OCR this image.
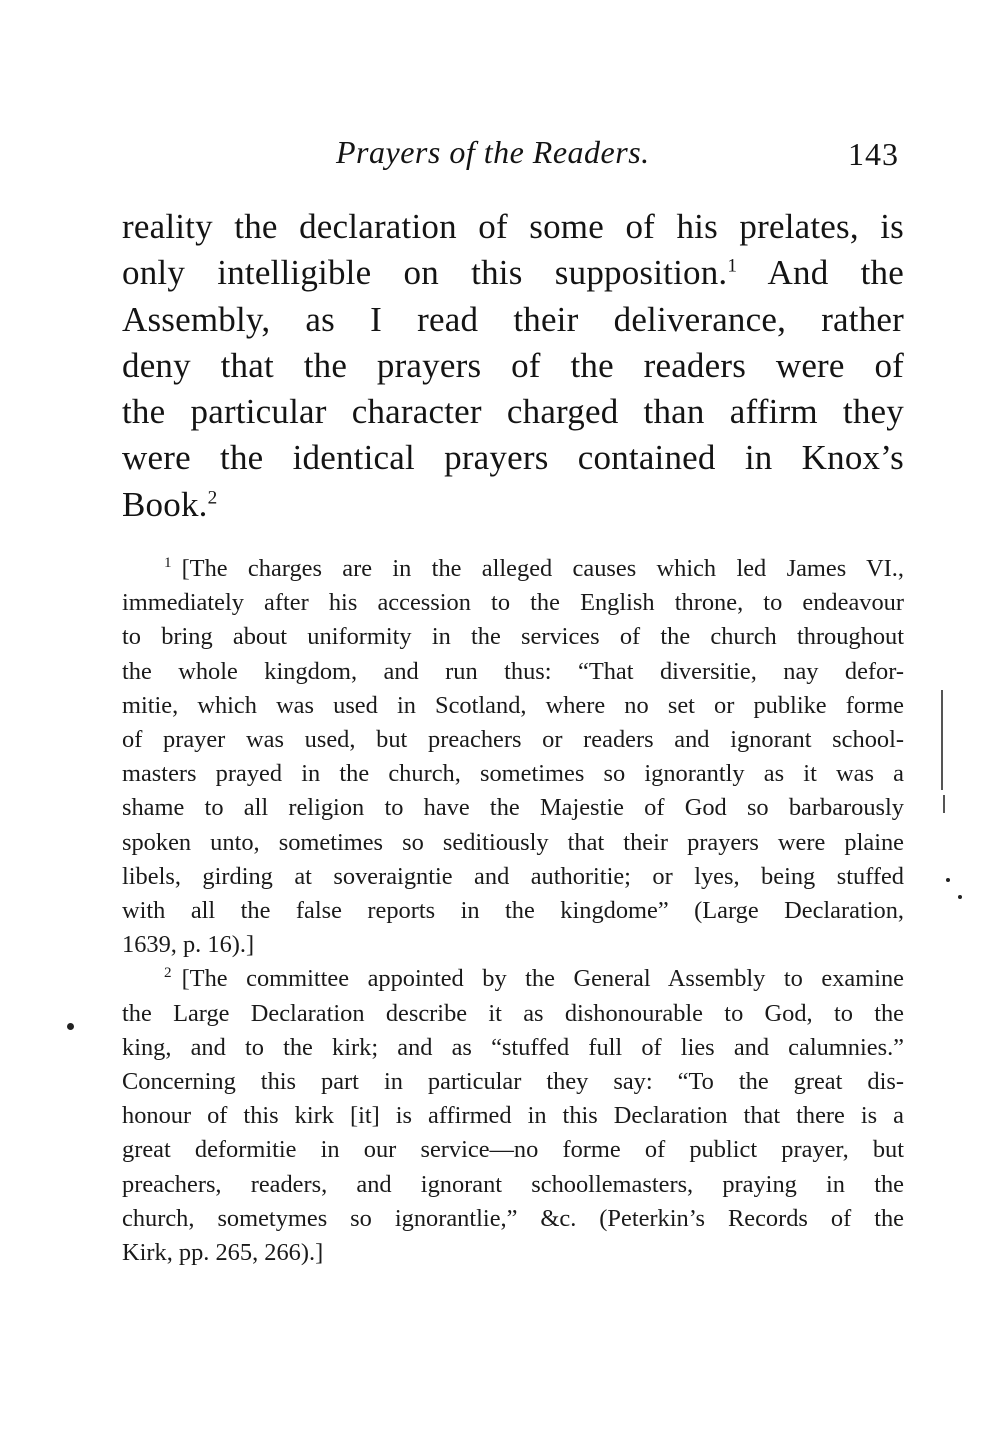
Prayers of the Readers.	143
reality the declaration of some of his prelates, is
only intelligible on this supposition.$^1$ And the
Assembly, as I read their deliverance, rather
deny that the prayers of the readers were of
the particular character charged than affirm they
were the identical prayers contained in Knox’s
Book.$^2$
$^1$ [The charges are in the alleged causes which led James VI.,
immediately after his accession to the English throne, to endeavour
to bring about uniformity in the services of the church throughout
the whole kingdom, and run thus: “That diversitie, nay defor-
mitie, which was used in Scotland, where no set or publike forme
of prayer was used, but preachers or readers and ignorant school-
masters prayed in the church, sometimes so ignorantly as it was a
shame to all religion to have the Majestie of God so barbarously
spoken unto, sometimes so seditiously that their prayers were plaine
libels, girding at soveraigntie and authoritie; or lyes, being stuffed
with all the false reports in the kingdome” (Large Declaration,
1639, p. 16).]
$^2$ [The committee appointed by the General Assembly to examine
the Large Declaration describe it as dishonourable to God, to the
king, and to the kirk; and as “stuffed full of lies and calumnies.”
Concerning this part in particular they say: “To the great dis-
honour of this kirk [it] is affirmed in this Declaration that there is a
great deformitie in our service—no forme of publict prayer, but
preachers, readers, and ignorant schoollemasters, praying in the
church, sometymes so ignorantlie,” &c. (Peterkin’s Records of the
Kirk, pp. 265, 266).]
